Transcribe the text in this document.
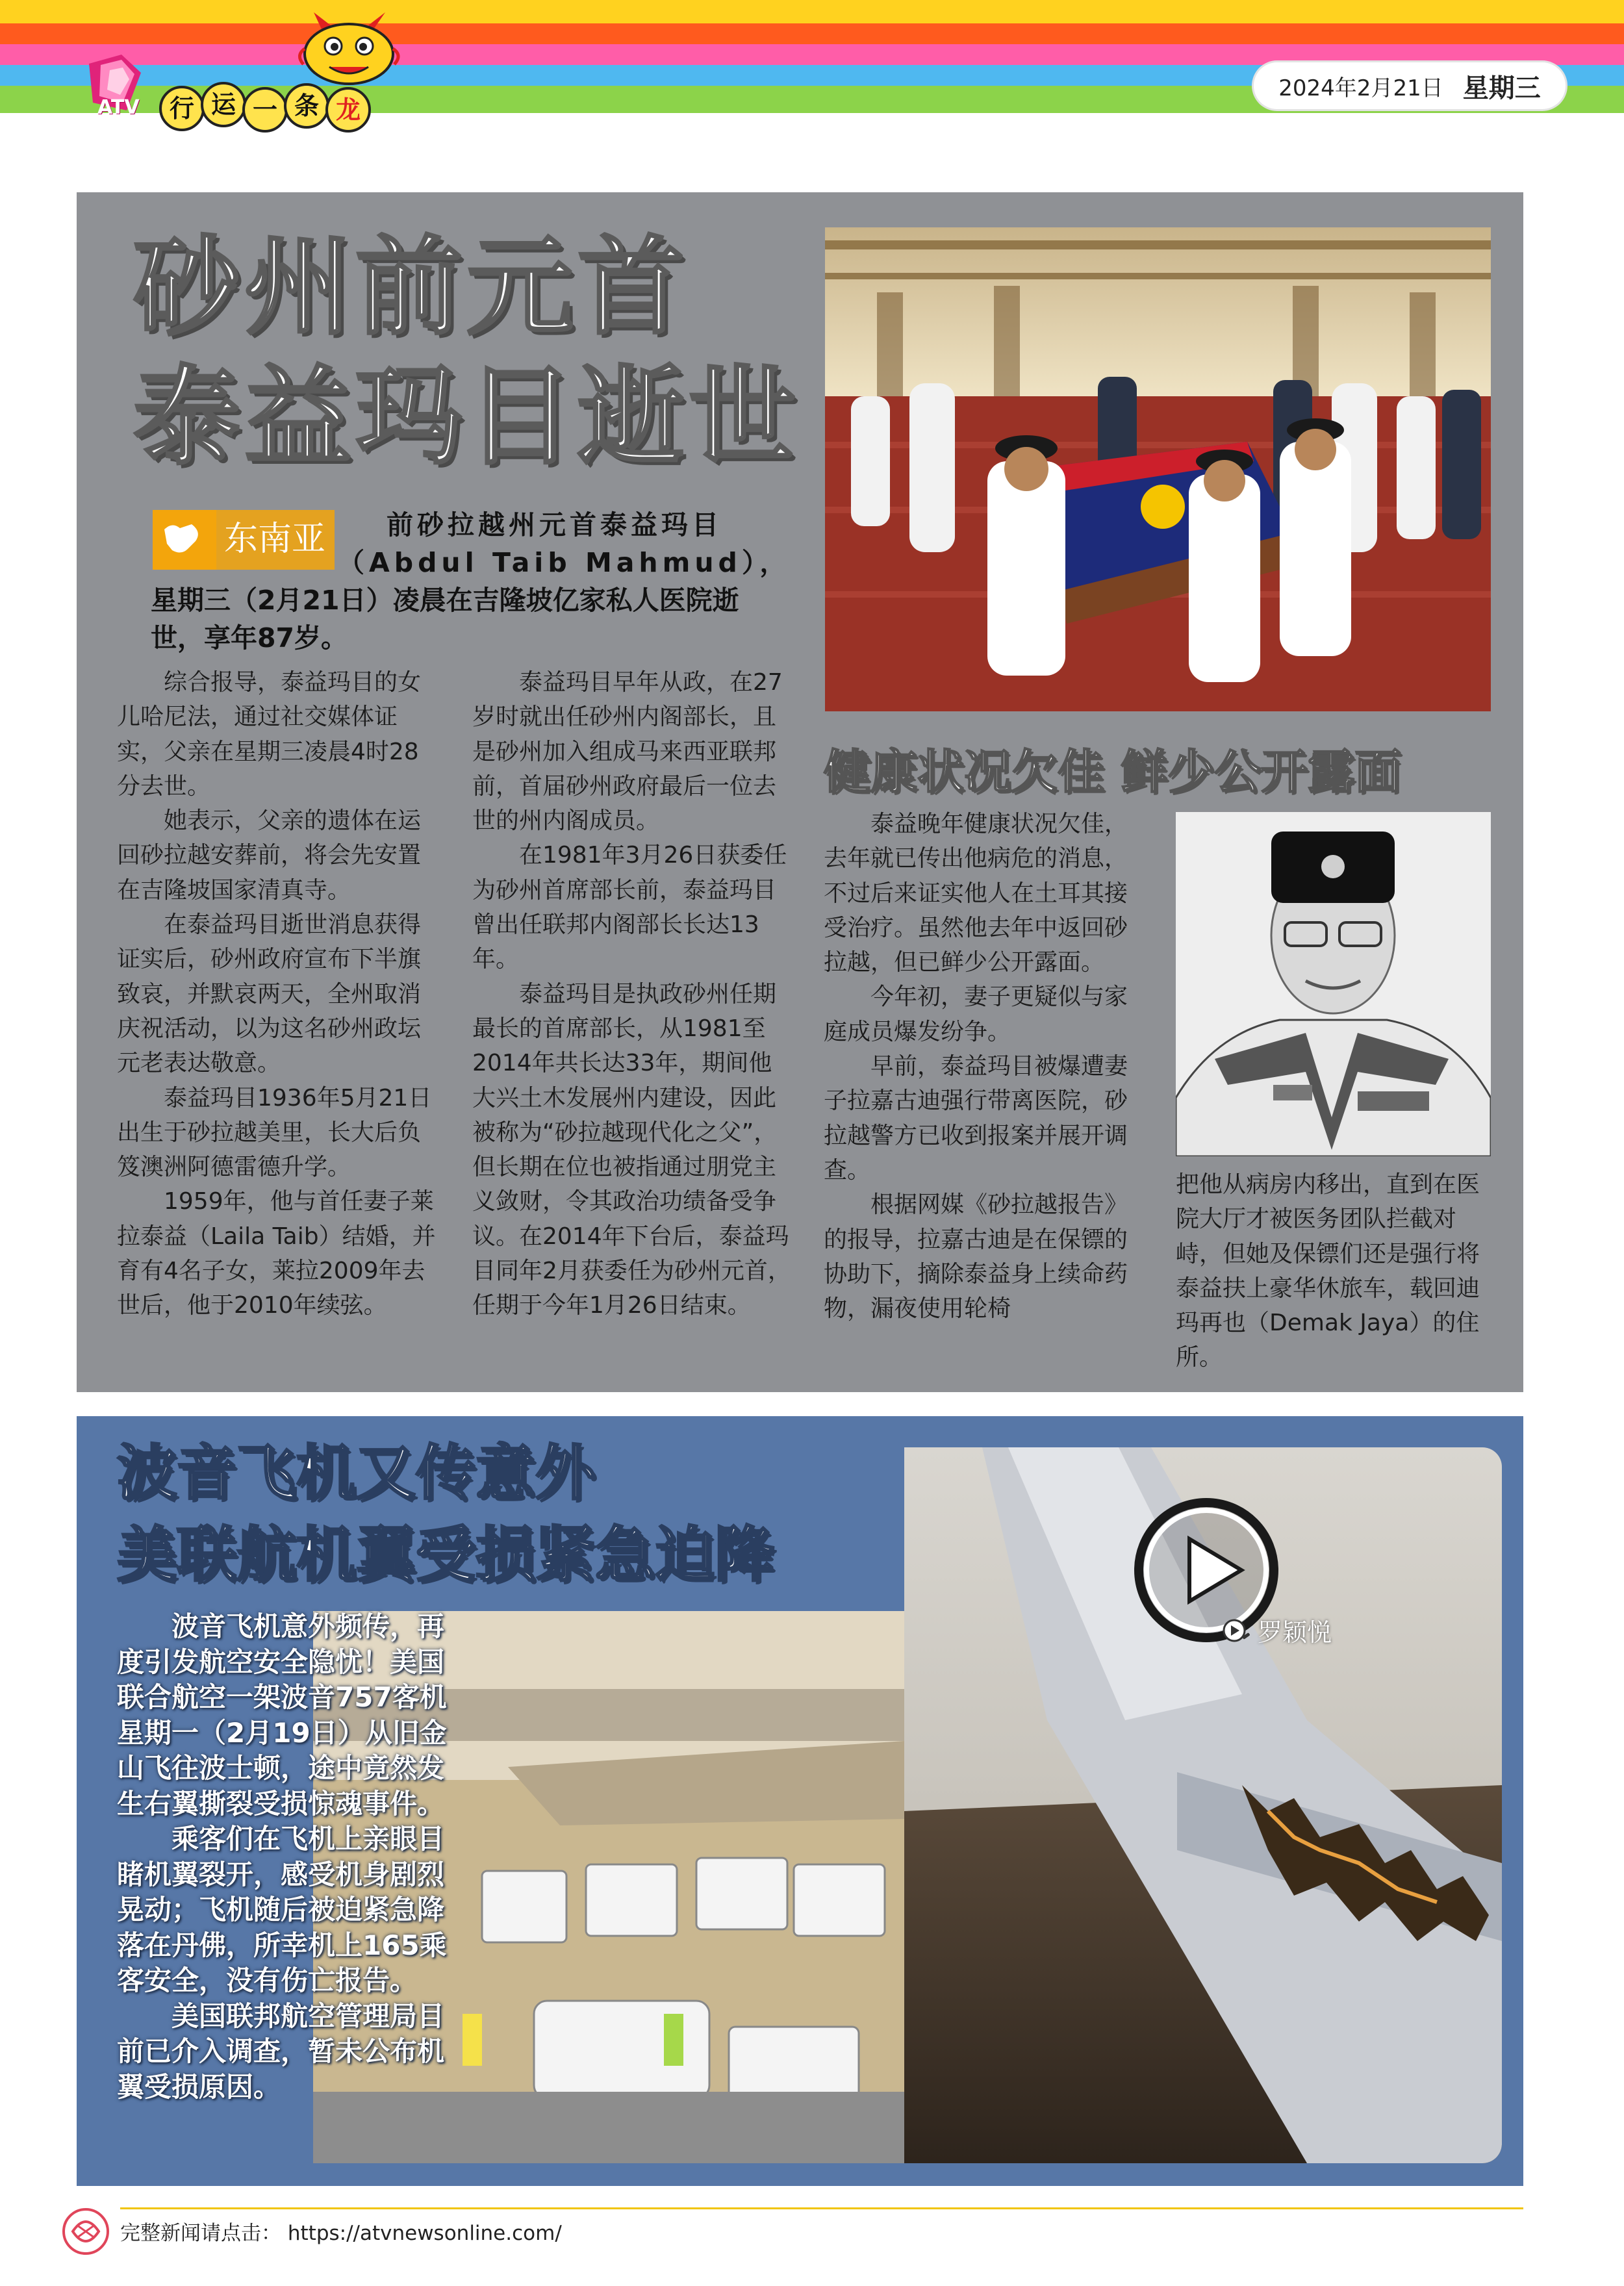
ATV	行 运 一 条 龙
2024年2月21日 星期三
砂州前元首
泰益玛目逝世
东南亚 前砂拉越州元首泰益玛目
（Abdul Taib Mahmud），
星期三（2月21日）凌晨在吉隆坡亿家私人医院逝
世，享年87岁。

综合报导，泰益玛目的女儿哈尼法，通过社交媒体证实，父亲在星期三凌晨4时28分去世。

她表示，父亲的遗体在运回砂拉越安葬前，将会先安置在吉隆坡国家清真寺。

在泰益玛目逝世消息获得证实后，砂州政府宣布下半旗致哀，并默哀两天，全州取消庆祝活动，以为这名砂州政坛元老表达敬意。

泰益玛目1936年5月21日出生于砂拉越美里，长大后负笈澳洲阿德雷德升学。

1959年，他与首任妻子莱拉泰益（Laila Taib）结婚，并育有4名子女，莱拉2009年去世后，他于2010年续弦。

泰益玛目早年从政，在27岁时就出任砂州内阁部长，且是砂州加入组成马来西亚联邦前，首届砂州政府最后一位去世的州内阁成员。

在1981年3月26日获委任为砂州首席部长前，泰益玛目曾出任联邦内阁部长长达13年。

泰益玛目是执政砂州任期最长的首席部长，从1981至2014年共长达33年，期间他大兴土木发展州内建设，因此被称为“砂拉越现代化之父”，但长期在位也被指通过朋党主义敛财，令其政治功绩备受争议。在2014年下台后，泰益玛目同年2月获委任为砂州元首，任期于今年1月26日结束。

健康状况欠佳 鲜少公开露面

泰益晚年健康状况欠佳，去年就已传出他病危的消息，不过后来证实他人在土耳其接受治疗。虽然他去年中返回砂拉越，但已鲜少公开露面。

今年初，妻子更疑似与家庭成员爆发纷争。

早前，泰益玛目被爆遭妻子拉嘉古迪强行带离医院，砂拉越警方已收到报案并展开调查。

根据网媒《砂拉越报告》的报导，拉嘉古迪是在保镖的协助下，摘除泰益身上续命药物，漏夜使用轮椅

把他从病房内移出，直到在医院大厅才被医务团队拦截对峙，但她及保镖们还是强行将泰益扶上豪华休旅车，载回迪玛再也（Demak Jaya）的住所。

波音飞机又传意外
美联航机翼受损紧急迫降

波音飞机意外频传，再

度引发航空安全隐忧！美国

联合航空一架波音757客机

星期一（2月19日）从旧金

山飞往波士顿，途中竟然发

生右翼撕裂受损惊魂事件。

乘客们在飞机上亲眼目

睹机翼裂开，感受机身剧烈

晃动；飞机随后被迫紧急降

落在丹佛，所幸机上165乘

客安全，没有伤亡报告。

美国联邦航空管理局目

前已介入调查，暂未公布机

翼受损原因。

罗颖悦
完整新闻请点击： https://atvnewsonline.com/
